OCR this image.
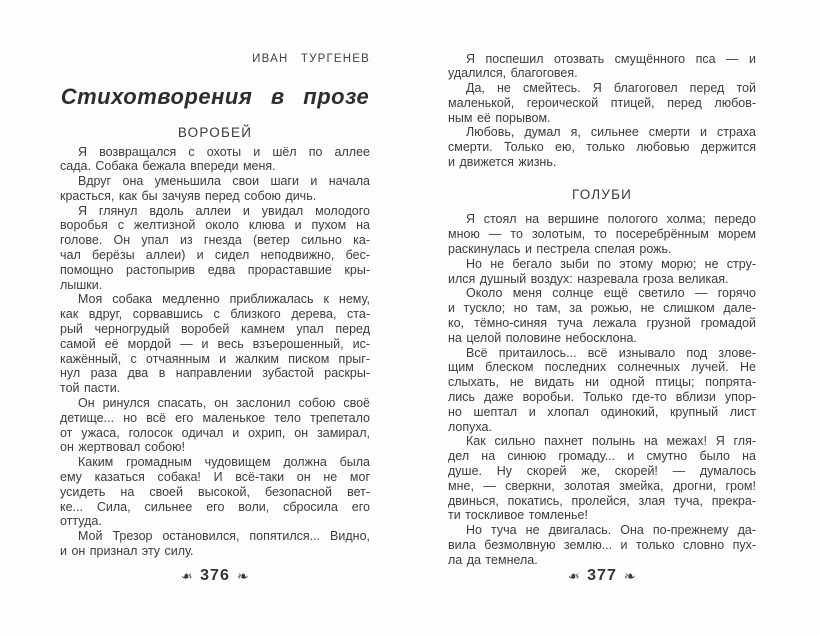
ИВАН ТУРГЕНЕВ
Стихотворения в прозе
ВОРОБЕЙ
Я возвращался с охоты и шёл по аллее
сада. Собака бежала впереди меня.
Вдруг она уменьшила свои шаги и начала
красться, как бы зачуяв перед собою дичь.
Я глянул вдоль аллеи и увидал молодого
воробья с желтизной около клюва и пухом на
голове. Он упал из гнезда (ветер сильно ка-
чал берёзы аллеи) и сидел неподвижно, бес-
помощно растопырив едва прораставшие кры-
лышки.
Моя собака медленно приближалась к нему,
как вдруг, сорвавшись с близкого дерева, ста-
рый черногрудый воробей камнем упал перед
самой её мордой — и весь взъерошенный, ис-
кажённый, с отчаянным и жалким писком прыг-
нул раза два в направлении зубастой раскры-
той пасти.
Он ринулся спасать, он заслонил собою своё
детище... но всё его маленькое тело трепетало
от ужаса, голосок одичал и охрип, он замирал,
он жертвовал собою!
Каким громадным чудовищем должна была
ему казаться собака! И всё-таки он не мог
усидеть на своей высокой, безопасной вет-
ке... Сила, сильнее его воли, сбросила его
оттуда.
Мой Трезор остановился, попятился... Видно,
и он признал эту силу.
❧ 376 ❧
Я поспешил отозвать смущённого пса — и
удалился, благоговея.
Да, не смейтесь. Я благоговел перед той
маленькой, героической птицей, перед любов-
ным её порывом.
Любовь, думал я, сильнее смерти и страха
смерти. Только ею, только любовью держится
и движется жизнь.
ГОЛУБИ
Я стоял на вершине пологого холма; передо
мною — то золотым, то посеребрённым морем
раскинулась и пестрела спелая рожь.
Но не бегало зыби по этому морю; не стру-
ился душный воздух: назревала гроза великая.
Около меня солнце ещё светило — горячо
и тускло; но там, за рожью, не слишком дале-
ко, тёмно-синяя туча лежала грузной громадой
на целой половине небосклона.
Всё притаилось... всё изнывало под злове-
щим блеском последних солнечных лучей. Не
слыхать, не видать ни одной птицы; попрята-
лись даже воробьи. Только где-то вблизи упор-
но шептал и хлопал одинокий, крупный лист
лопуха.
Как сильно пахнет полынь на межах! Я гля-
дел на синюю громаду... и смутно было на
душе. Ну скорей же, скорей! — думалось
мне, — сверкни, золотая змейка, дрогни, гром!
двинься, покатись, пролейся, злая туча, прекра-
ти тоскливое томленье!
Но туча не двигалась. Она по-прежнему да-
вила безмолвную землю... и только словно пух-
ла да темнела.
❧ 377 ❧
